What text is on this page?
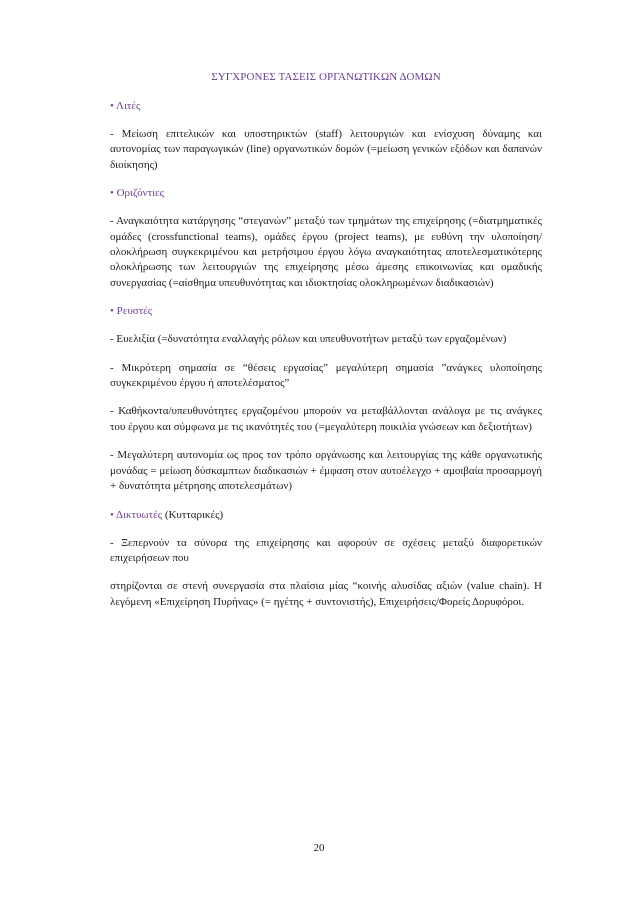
ΣΥΓΧΡΟΝΕΣ ΤΑΣΕΙΣ ΟΡΓΑΝΩΤΙΚΩΝ ΔΟΜΩΝ
• Λιτές
- Μείωση επιτελικών και υποστηρικτών (staff) λειτουργιών και ενίσχυση δύναμης και αυτονομίας των παραγωγικών (line) οργανωτικών δομών (=μείωση γενικών εξόδων και δαπανών διοίκησης)
• Οριζόντιες
- Αναγκαιότητα κατάργησης “στεγανών” μεταξύ των τμημάτων της επιχείρησης (=διατμηματικές ομάδες (crossfunctional teams), ομάδες έργου (project teams), με ευθύνη την υλοποίηση/ολοκλήρωση συγκεκριμένου και μετρήσιμου έργου λόγω αναγκαιότητας αποτελεσματικότερης ολοκλήρωσης των λειτουργιών της επιχείρησης μέσω άμεσης επικοινωνίας και ομαδικής συνεργασίας (=αίσθημα υπευθυνότητας και ιδιοκτησίας ολοκληρωμένων διαδικασιών)
• Ρευστές
- Ευελιξία (=δυνατότητα εναλλαγής ρόλων και υπευθυνοτήτων μεταξύ των εργαζομένων)
- Μικρότερη σημασία σε “θέσεις εργασίας” μεγαλύτερη σημασία ”ανάγκες υλοποίησης συγκεκριμένου έργου ή αποτελέσματος”
- Καθήκοντα/υπευθυνότητες εργαζομένου μπορούν να μεταβάλλονται ανάλογα με τις ανάγκες του έργου και σύμφωνα με τις ικανότητές του (=μεγαλύτερη ποικιλία γνώσεων και δεξιοτήτων)
- Μεγαλύτερη αυτονομία ως προς τον τρόπο οργάνωσης και λειτουργίας της κάθε οργανωτικής μονάδας = μείωση δύσκαμπτων διαδικασιών + έμφαση στον αυτοέλεγχο + αμοιβαία προσαρμογή + δυνατότητα μέτρησης αποτελεσμάτων)
• Δικτυωτές (Κυτταρικές)
- Ξεπερνούν τα σύνορα της επιχείρησης και αφορούν σε σχέσεις μεταξύ διαφορετικών επιχειρήσεων που
στηρίζονται σε στενή συνεργασία στα πλαίσια μίας “κοινής αλυσίδας αξιών (value chain). Η λεγόμενη «Επιχείρηση Πυρήνας» (= ηγέτης + συντονιστής), Επιχειρήσεις/Φορείς Δορυφόροι.
20
